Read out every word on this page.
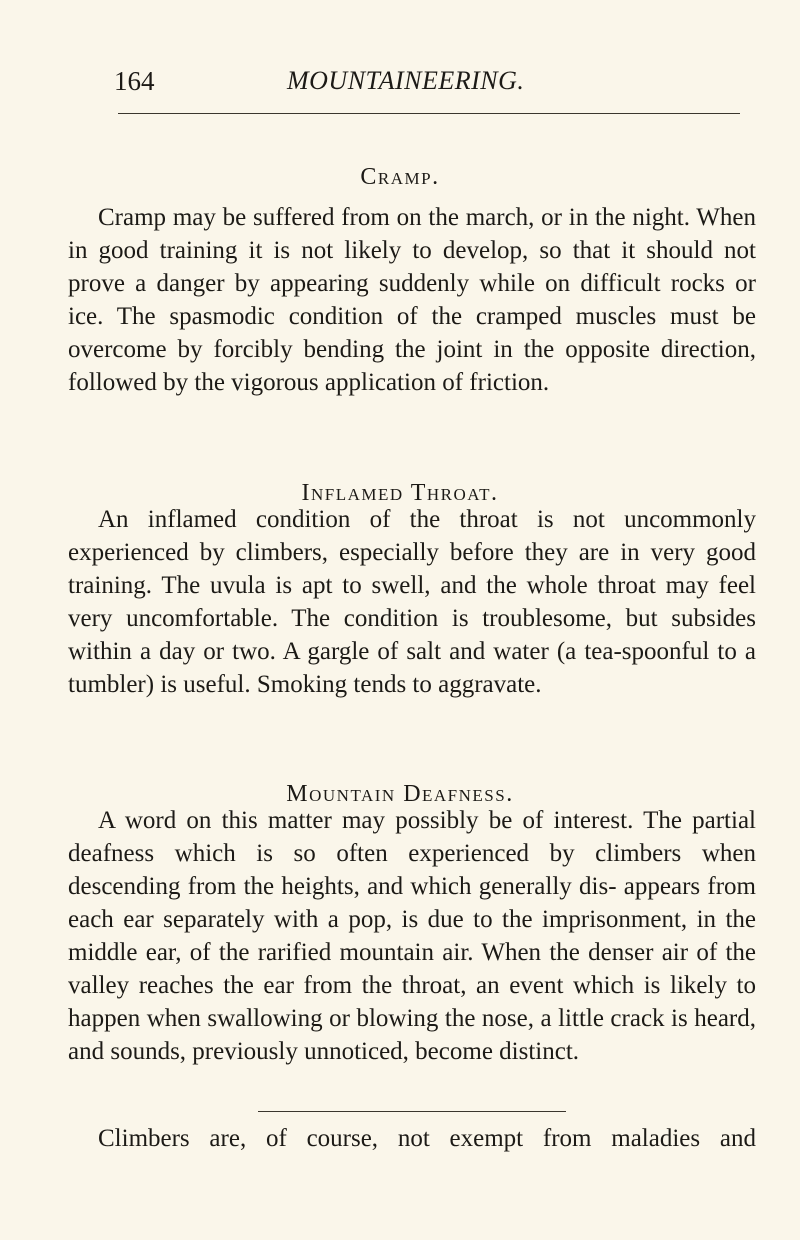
164	MOUNTAINEERING.
Cramp.

Cramp may be suffered from on the march, or in the night. When in good training it is not likely to develop, so that it should not prove a danger by appearing suddenly while on difficult rocks or ice. The spasmodic condition of the cramped muscles must be overcome by forcibly bending the joint in the opposite direction, followed by the vigorous application of friction.

Inflamed Throat.

An inflamed condition of the throat is not uncommonly experienced by climbers, especially before they are in very good training. The uvula is apt to swell, and the whole throat may feel very uncomfortable. The condition is troublesome, but subsides within a day or two. A gargle of salt and water (a tea-spoonful to a tumbler) is useful. Smoking tends to aggravate.

Mountain Deafness.

A word on this matter may possibly be of interest. The partial deafness which is so often experienced by climbers when descending from the heights, and which generally dis- appears from each ear separately with a pop, is due to the imprisonment, in the middle ear, of the rarified mountain air. When the denser air of the valley reaches the ear from the throat, an event which is likely to happen when swallowing or blowing the nose, a little crack is heard, and sounds, previously unnoticed, become distinct.

Climbers are, of course, not exempt from maladies and
